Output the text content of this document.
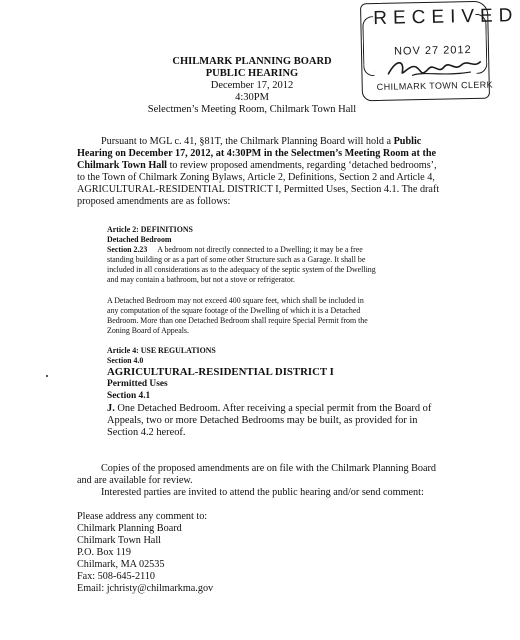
RECEIVED
NOV 27 2012
CHILMARK TOWN CLERK
CHILMARK PLANNING BOARD
PUBLIC HEARING
December 17, 2012
4:30PM
Selectmen’s Meeting Room, Chilmark Town Hall
Pursuant to MGL c. 41, §81T, the Chilmark Planning Board will hold a Public
Hearing on December 17, 2012, at 4:30PM in the Selectmen’s Meeting Room at the
Chilmark Town Hall to review proposed amendments, regarding ‘detached bedrooms’,
to the Town of Chilmark Zoning Bylaws, Article 2, Definitions, Section 2 and Article 4,
AGRICULTURAL-RESIDENTIAL DISTRICT I, Permitted Uses, Section 4.1. The draft
proposed amendments are as follows:
Article 2: DEFINITIONS
Detached Bedroom
Section 2.23 A bedroom not directly connected to a Dwelling; it may be a free
standing building or as a part of some other Structure such as a Garage. It shall be
included in all considerations as to the adequacy of the septic system of the Dwelling
and may contain a bathroom, but not a stove or refrigerator.
A Detached Bedroom may not exceed 400 square feet, which shall be included in
any computation of the square footage of the Dwelling of which it is a Detached
Bedroom. More than one Detached Bedroom shall require Special Permit from the
Zoning Board of Appeals.
Article 4: USE REGULATIONS
Section 4.0
AGRICULTURAL-RESIDENTIAL DISTRICT I
Permitted Uses
Section 4.1
J. One Detached Bedroom. After receiving a special permit from the Board of
Appeals, two or more Detached Bedrooms may be built, as provided for in
Section 4.2 hereof.
Copies of the proposed amendments are on file with the Chilmark Planning Board
and are available for review.
Interested parties are invited to attend the public hearing and/or send comment:
Please address any comment to:
Chilmark Planning Board
Chilmark Town Hall
P.O. Box 119
Chilmark, MA 02535
Fax: 508-645-2110
Email: jchristy@chilmarkma.gov
